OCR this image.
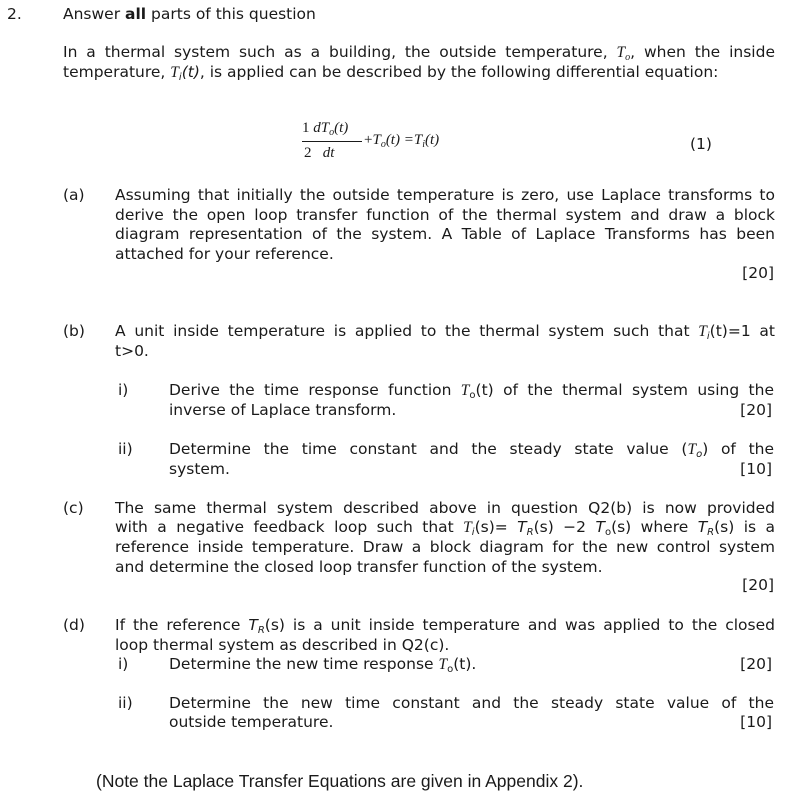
2.	Answer all parts of this question
In a thermal system such as a building, the outside temperature, $T_o$, when the inside
temperature, $T_i(t)$, is applied can be described by the following differential equation:
1 $dT_o(t)$
2 dt
$+T_o(t) =T_i(t)$	(1)
(a) Assuming that initially the outside temperature is zero, use Laplace transforms to derive the open loop transfer function of the thermal system and draw a block diagram representation of the system. A Table of Laplace Transforms has been attached for your reference.
[20]
(b) A unit inside temperature is applied to the thermal system such that $T_i(t)=1$ at
t>0.
i)	Derive the time response function $T_o(t)$ of the thermal system using the
inverse of Laplace transform.	[20]
ii) Determine the time constant and the steady state value $(T_o)$ of the
system.	[10]
(c) The same thermal system described above in question Q2(b) is now provided
with a negative feedback loop such that $T_i(s)= T_R(s) -2$ $T_o(s)$ where $T_R(s)$ is a
reference inside temperature. Draw a block diagram for the new control system
and determine the closed loop transfer function of the system.
[20]
(d) If the reference $T_R(s)$ is a unit inside temperature and was applied to the closed
loop thermal system as described in Q2(c).
i)	Determine the new time response $T_o(t)$.	[20]
ii) Determine the new time constant and the steady state value of the
outside temperature.	[10]
(Note the Laplace Transfer Equations are given in Appendix 2).
